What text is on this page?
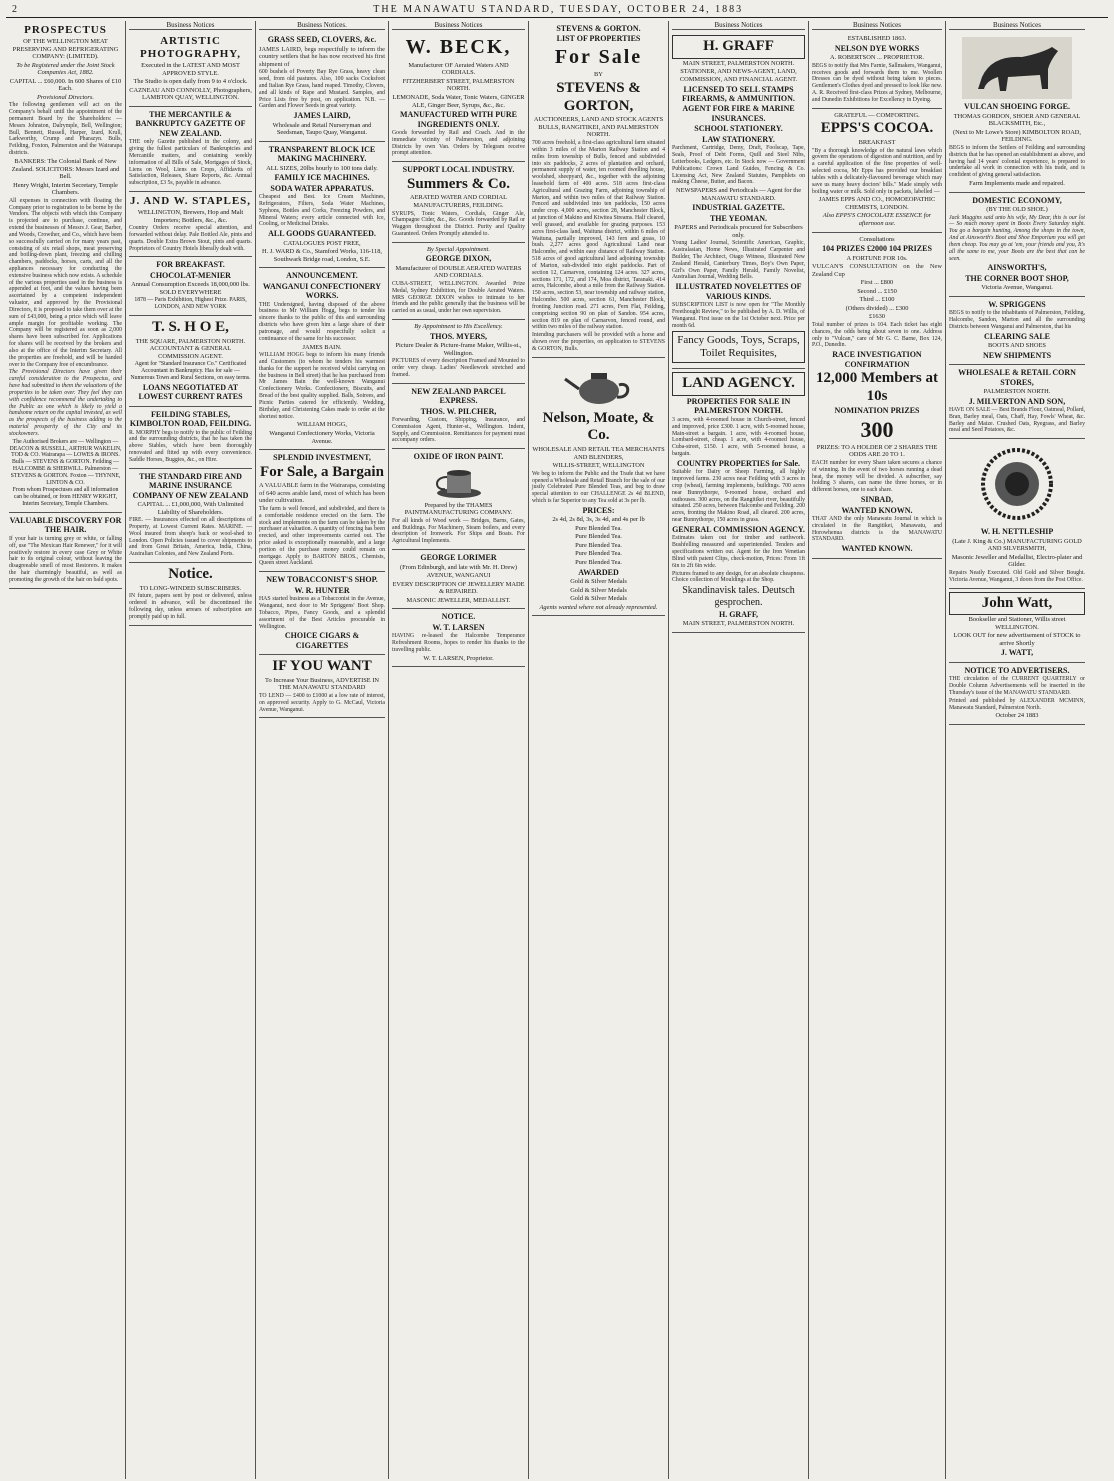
2	THE MANAWATU STANDARD, TUESDAY, OCTOBER 24, 1883

PROSPECTUS

OF THE WELLINGTON MEAT PRESERVING AND REFRIGERATING COMPANY: (LIMITED).

To be Registered under the Joint Stock Companies Act, 1882.

CAPITAL ... £60,000. In 600 Shares of £10 Each.

Provisional Directors.

The following gentlemen will act on the Company's behalf until the appointment of the permanent Board by the Shareholders: — Messrs Johnston, Dalrymple, Bell, Wellington; Bull, Bennett, Russell, Harper, Izard, Krull, Larkworthy, Crump and Pharazyn. Bulls, Feilding, Foxton, Palmerston and the Wairarapa districts.

BANKERS: The Colonial Bank of New Zealand. SOLICITORS: Messrs Izard and Bell.

Henry Wright, Interim Secretary, Temple Chambers.

All expenses in connection with floating the Company prior to registration to be borne by the Vendors. The objects with which this Company is projected are to purchase, continue, and extend the businesses of Messrs J. Gear, Barber, and Woods, Crowther, and Co., which have been so successfully carried on for many years past, consisting of six retail shops, meat preserving and boiling-down plant, freezing and chilling chambers, paddocks, horses, carts, and all the appliances necessary for conducting the extensive business which now exists. A schedule of the various properties used in the business is appended at foot, and the values having been ascertained by a competent independent valuator, and approved by the Provisional Directors, it is proposed to take them over at the sum of £43,000, being a price which will leave ample margin for profitable working. The Company will be registered as soon as 2,000 shares have been subscribed for. Applications for shares will be received by the brokers and also at the office of the Interim Secretary. All the properties are freehold, and will be handed over to the Company free of encumbrance.

The Provisional Directors have given their careful consideration to the Prospectus, and have had submitted to them the valuations of the properties to be taken over. They feel they can with confidence recommend the undertaking to the Public as one which is likely to yield a handsome return on the capital invested, as well as the prospects of the business adding to the material prosperity of the City and its stockowners.

The Authorised Brokers are — Wellington — DEACON & RUSSELL, ARTHUR WAKELIN, TOD & CO. Wairarapa — LOWES & IRONS. Bulls — STEVENS & GORTON. Feilding — HALCOMBE & SHERWILL. Palmerston — STEVENS & GORTON. Foxton — THYNNE, LINTON & CO.

From whom Prospectuses and all information can be obtained, or from HENRY WRIGHT, Interim Secretary, Temple Chambers.

VALUABLE DISCOVERY FOR THE HAIR.

If your hair is turning grey or white, or falling off, use "The Mexican Hair Renewer," for it will positively restore in every case Grey or White hair to its original colour, without leaving the disagreeable smell of most Restorers. It makes the hair charmingly beautiful, as well as promoting the growth of the hair on bald spots.

Business Notices
ARTISTIC PHOTOGRAPHY,

Executed in the LATEST AND MOST APPROVED STYLE.

The Studio is open daily from 9 to 4 o'clock.

CAZNEAU AND CONNOLLY, Photographers, LAMBTON QUAY, WELLINGTON.

THE MERCANTILE & BANKRUPTCY GAZETTE OF NEW ZEALAND.

THE only Gazette published in the colony, and giving the fullest particulars of Bankruptcies and Mercantile matters, and containing weekly information of all Bills of Sale, Mortgages of Stock, Liens on Wool, Liens on Crops, Affidavits of Satisfaction, Releases, Share Reports, &c. Annual subscription, £3 5s, payable in advance.

J. AND W. STAPLES,

WELLINGTON, Brewers, Hop and Malt Importers; Bottlers, &c., &c.

Country Orders receive special attention, and forwarded without delay. Pale Bottled Ale, pints and quarts. Double Extra Brown Stout, pints and quarts. Proprietors of Country Hotels liberally dealt with.

FOR BREAKFAST.
CHOCOLAT-MENIER

Annual Consumption Exceeds 18,000,000 lbs. SOLD EVERYWHERE

1878 — Paris Exhibition, Highest Prize. PARIS, LONDON, AND NEW YORK

T. S. H O E,

THE SQUARE, PALMERSTON NORTH. ACCOUNTANT & GENERAL COMMISSION AGENT.

Agent for "Standard Insurance Co." Certificated Accountant in Bankruptcy. Has for sale — Numerous Town and Rural Sections, on easy terms.

LOANS NEGOTIATED AT LOWEST CURRENT RATES
FEILDING STABLES, KIMBOLTON ROAD, FEILDING.

R. MORPHY begs to notify to the public of Feilding and the surrounding districts, that he has taken the above Stables, which have been thoroughly renovated and fitted up with every convenience. Saddle Horses, Buggies, &c., on Hire.

THE STANDARD FIRE AND MARINE INSURANCE COMPANY OF NEW ZEALAND

CAPITAL ... £1,000,000, With Unlimited Liability of Shareholders.

FIRE. — Insurances effected on all descriptions of Property, at Lowest Current Rates. MARINE. — Wool insured from sheep's back or wool-shed to London. Open Policies issued to cover shipments to and from Great Britain, America, India, China, Australian Colonies, and New Zealand Ports.

Notice.

TO LONG-WINDED SUBSCRIBERS.

IN future, papers sent by post or delivered, unless ordered in advance, will be discontinued the following day, unless arrears of subscription are promptly paid up in full.

Business Notices.
GRASS SEED, CLOVERS, &c.

JAMES LAIRD, begs respectfully to inform the country settlers that he has now received his first shipment of

600 bushels of Poverty Bay Rye Grass, heavy clean seed, from old pastures. Also, 100 sacks Cocksfoot and Italian Rye Grass, hand reaped. Timothy, Clovers, and all kinds of Rape and Mustard. Samples, and Price Lists free by post, on application. N.B. — Garden and Flower Seeds in great variety.

JAMES LAIRD,

Wholesale and Retail Nurseryman and Seedsman, Taupo Quay, Wanganui.

TRANSPARENT BLOCK ICE MAKING MACHINERY.

ALL SIZES, 20lbs hourly to 100 tons daily.

FAMILY ICE MACHINES.
SODA WATER APPARATUS.

Cheapest and Best. Ice Cream Machines, Refrigerators, Filters, Soda Water Machines, Syphons, Bottles and Corks, Freezing Powders, and Mineral Waters; every article connected with Ice, Cooling, or Medicinal Drinks.

ALL GOODS GUARANTEED.

CATALOGUES POST FREE,

H. J. WARD & Co., Stamford Works, 116-118, Southwark Bridge road, London, S.E.

ANNOUNCEMENT.
WANGANUI CONFECTIONERY WORKS.

THE Undersigned, having disposed of the above business to Mr William Hogg, begs to tender his sincere thanks to the public of this and surrounding districts who have given him a large share of their patronage, and would respectfully solicit a continuance of the same for his successor.

JAMES BAIN.

WILLIAM HOGG begs to inform his many friends and Customers (to whom he tenders his warmest thanks for the support he received whilst carrying on the business in Bell street) that he has purchased from Mr James Bain the well-known Wanganui Confectionery Works. Confectionery, Biscuits, and Bread of the best quality supplied. Balls, Soirees, and Picnic Parties catered for efficiently. Wedding, Birthday, and Christening Cakes made to order at the shortest notice.

WILLIAM HOGG,

Wanganui Confectionery Works, Victoria Avenue.

SPLENDID INVESTMENT,
For Sale, a Bargain

A VALUABLE farm in the Wairarapa, consisting of 640 acres arable land, most of which has been under cultivation.

The farm is well fenced, and subdivided, and there is a comfortable residence erected on the farm. The stock and implements on the farm can be taken by the purchaser at valuation. A quantity of fencing has been erected, and other improvements carried out. The price asked is exceptionally reasonable, and a large portion of the purchase money could remain on mortgage. Apply to BARTON BROS., Chemists, Queen street Auckland.

NEW TOBACCONIST'S SHOP.
W. R. HUNTER

HAS started business as a Tobacconist in the Avenue, Wanganui, next door to Mr Spriggens' Boot Shop. Tobacco, Pipes, Fancy Goods, and a splendid assortment of the Best Articles procurable in Wellington.

CHOICE CIGARS & CIGARETTES
IF YOU WANT

To Increase Your Business, ADVERTISE IN THE MANAWATU STANDARD

TO LEND — £400 to £1000 at a low rate of interest, on approved security. Apply to G. McCaul, Victoria Avenue, Wanganui.

Business Notices
W. BECK,

Manufacturer OF Aerated Waters AND CORDIALS.

FITZHERBERT STREET, PALMERSTON NORTH.

LEMONADE, Soda Water, Tonic Waters, GINGER ALE, Ginger Beer, Syrups, &c., &c.

MANUFACTURED WITH PURE INGREDIENTS ONLY.

Goods forwarded by Rail and Coach. And in the immediate vicinity of Palmerston, and adjoining Districts by own Van. Orders by Telegram receive prompt attention.

SUPPORT LOCAL INDUSTRY.
Summers & Co.

AERATED WATER AND CORDIAL MANUFACTURERS, FEILDING.

SYRUPS, Tonic Waters, Cordials, Ginger Ale, Champagne Cider, &c., &c. Goods forwarded by Rail or Waggon throughout the District. Purity and Quality Guaranteed. Orders Promptly attended to.

By Special Appointment.

GEORGE DIXON,

Manufacturer of DOUBLE AERATED WATERS AND CORDIALS.

CUBA-STREET, WELLINGTON. Awarded Prize Medal, Sydney Exhibition, for Double Aerated Waters. MRS GEORGE DIXON wishes to intimate to her friends and the public generally that the business will be carried on as usual, under her own supervision.

By Appointment to His Excellency.

THOS. MYERS,

Picture Dealer & Picture-frame Maker, Willis-st., Wellington.

PICTURES of every description Framed and Mounted to order very cheap. Ladies' Needlework stretched and framed.

NEW ZEALAND PARCEL EXPRESS.
THOS. W. PILCHER,

Forwarding, Custom, Shipping, Insurance, and Commission Agent, Hunter-st., Wellington. Indent, Supply, and Commission. Remittances for payment must accompany orders.

OXIDE OF IRON PAINT.

Prepared by the THAMES PAINTMANUFACTURING COMPANY.

For all kinds of Wood work — Bridges, Barns, Gates, and Buildings. For Machinery, Steam boilers, and every description of Ironwork. For Ships and Boats. For Agricultural Implements.

GEORGE LORIMER

(From Edinburgh, and late with Mr. H. Drew)

AVENUE, WANGANUI

EVERY DESCRIPTION OF JEWELLERY MADE & REPAIRED.

MASONIC JEWELLER, MEDALLIST.

NOTICE.
W. T. LARSEN

HAVING re-leased the Halcombe Temperance Refreshment Rooms, hopes to render his thanks to the travelling public.

W. T. LARSEN, Proprietor.

STEVENS & GORTON.
LIST OF PROPERTIES
For Sale

BY

STEVENS & GORTON,

AUCTIONEERS, LAND AND STOCK AGENTS BULLS, RANGITIKEI, AND PALMERSTON NORTH.

700 acres freehold, a first-class agricultural farm situated within 3 miles of the Marton Railway Station and 4 miles from township of Bulls, fenced and subdivided into six paddocks, 2 acres of plantation and orchard, permanent supply of water, ten roomed dwelling house, woolshed, sheepyard, &c., together with the adjoining leasehold farm of 400 acres. 518 acres first-class Agricultural and Grazing Farm, adjoining township of Marton, and within two miles of that Railway Station. Fenced and subdivided into ten paddocks, 150 acres under crop. 4,000 acres, section 28, Manchester Block, at junction of Makino and Kiwitea Streams. Half cleared, well grassed, and available for grazing purposes. 153 acres first-class land, Waituna district, within 6 miles of Waituna, partially improved, 143 fern and grass, 10 bush. 2,277 acres good Agricultural Land near Halcombe, and within easy distance of Railway Station. 518 acres of good agricultural land adjoining township of Marton, sub-divided into eight paddocks. Part of section 12, Carnarvon, containing 124 acres. 327 acres, sections 171, 172, and 174, Moa district, Taranaki. 414 acres, Halcombe, about a mile from the Railway Station. 150 acres, section 53, near township and railway station, Halcombe. 500 acres, section 61, Manchester Block, fronting Junction road. 271 acres, Fern Flat, Feilding, comprising section 90 on plan of Sandon. 954 acres, section 819 on plan of Carnarvon, fenced round, and within two miles of the railway station.

Intending purchasers will be provided with a horse and shown over the properties, on application to STEVENS & GORTON, Bulls.

Nelson, Moate, & Co.

WHOLESALE AND RETAIL TEA MERCHANTS AND BLENDERS,

WILLIS-STREET, WELLINGTON

We beg to inform the Public and the Trade that we have opened a Wholesale and Retail Branch for the sale of our justly Celebrated Pure Blended Teas, and beg to draw special attention to our CHALLENGE 2s 4d BLEND, which is far Superior to any Tea sold at 3s per lb.

PRICES:

2s 4d, 2s 8d, 3s, 3s 4d, and 4s per lb

Pure Blended Tea.

Pure Blended Tea.

Pure Blended Tea.

Pure Blended Tea.

Pure Blended Tea.

AWARDED

Gold & Silver Medals

Gold & Silver Medals

Gold & Silver Medals

Agents wanted where not already represented.

Business Notices
H. GRAFF

MAIN STREET, PALMERSTON NORTH.

STATIONER, AND NEWS-AGENT, LAND, COMMISSION, AND FINANCIAL AGENT.

LICENSED TO SELL STAMPS FIREARMS, & AMMUNITION.
AGENT FOR FIRE & MARINE INSURANCES.
SCHOOL STATIONERY.
LAW STATIONERY.

Parchment, Cartridge, Demy, Draft, Foolscap, Tape, Seals, Proof of Debt Forms, Quill and Steel Nibs, Letterbooks, Ledgers, etc. In Stock now — Government Publications: Crown Land Guides, Fencing & Co. Licensing Act, New Zealand Statutes, Pamphlets on making Cheese, Butter, and Bacon.

NEWSPAPERS and Periodicals — Agent for the MANAWATU STANDARD.

INDUSTRIAL GAZETTE.
THE YEOMAN.

PAPERS and Periodicals procured for Subscribers only.

Young Ladies' Journal, Scientific American, Graphic, Australasian, Home News, Illustrated Carpenter and Builder, The Architect, Otago Witness, Illustrated New Zealand Herald, Canterbury Times, Boy's Own Paper, Girl's Own Paper, Family Herald, Family Novelist, Australian Journal, Wedding Bells.

ILLUSTRATED NOVELETTES OF VARIOUS KINDS.

SUBSCRIPTION LIST is now open for "The Monthly Freethought Review," to be published by A. D. Willis, of Wanganui. First issue on the 1st October next. Price per month 6d.

Fancy Goods, Toys, Scraps, Toilet Requisites,
LAND AGENCY.
PROPERTIES FOR SALE IN PALMERSTON NORTH.

3 acres, with 4-roomed house in Church-street, fenced and improved, price £300. 1 acre, with 5-roomed house, Main-street a bargain. 1 acre, with 4-roomed house, Lombard-street, cheap. 1 acre, with 4-roomed house, Cuba-street, £150. 1 acre, with 5-roomed house, a bargain.

COUNTRY PROPERTIES for Sale.

Suitable for Dairy or Sheep Farming, all highly improved farms. 230 acres near Feilding with 3 acres in crop (wheat), farming implements, buildings. 700 acres near Bunnythorpe, 9-roomed house, orchard and outhouses. 300 acres, on the Rangitikei river, beautifully situated. 250 acres, between Halcombe and Feilding. 200 acres, fronting the Makino Road, all cleared. 200 acres, near Bunnythorpe, 150 acres in grass.

GENERAL COMMISSION AGENCY.

Estimates taken out for timber and earthwork. Bushfelling measured and superintended. Tenders and specifications written out. Agent for the Iron Venetian Blind with patent Clips, check-motion, Prices: From 1ft 6in to 2ft 6in wide.

Pictures framed to any design, for an absolute cheapness. Choice collection of Mouldings at the Shop.

Skandinavisk tales. Deutsch gesprochen.

H. GRAFF,

MAIN STREET, PALMERSTON NORTH.

Business Notices

ESTABLISHED 1863.

NELSON DYE WORKS

A. ROBERTSON ... PROPRIETOR.

BEGS to notify that Mrs Farnie, Sallmakers, Wanganui, receives goods and forwards them to me. Woollen Dresses can be dyed without being taken to pieces. Gentlemen's Clothes dyed and pressed to look like new. A. R. Received first-class Prizes at Sydney, Melbourne, and Dunedin Exhibitions for Excellency in Dyeing.

GRATEFUL — COMFORTING.

EPPS'S COCOA.

BREAKFAST

"By a thorough knowledge of the natural laws which govern the operations of digestion and nutrition, and by a careful application of the fine properties of well-selected cocoa, Mr Epps has provided our breakfast tables with a delicately-flavoured beverage which may save us many heavy doctors' bills." Made simply with boiling water or milk. Sold only in packets, labelled —

JAMES EPPS AND CO., HOMOEOPATHIC CHEMISTS, LONDON.

Also EPPS'S CHOCOLATE ESSENCE for afternoon use.

Consultations

104 PRIZES £2000 104 PRIZES

A FORTUNE FOR 10s.

VULCAN'S CONSULTATION on the New Zealand Cup

First ... £800

Second ... £150

Third ... £100

(Others divided) ... £300

£1630

Total number of prizes is 104. Each ticket has eight chances, the odds being about seven to one. Address only to "Vulcan," care of Mr G. C. Barne, Box 124, P.O., Dunedin.

RACE INVESTIGATION CONFIRMATION
12,000 Members at 10s
NOMINATION PRIZES
300

PRIZES: TO A HOLDER OF 2 SHARES THE ODDS ARE 20 TO 1.

EACH number for every Share taken secures a chance of winning. In the event of two horses running a dead heat, the money will be divided. A subscriber, say holding 3 shares, can name the three horses, or in different horses, one to each share.

SINBAD,
WANTED KNOWN.

THAT AND the only Manawatu Journal in which is circulated in the Rangitikei, Manawatu, and Horowhenua districts is the MANAWATU STANDARD.

WANTED KNOWN.
Business Notices
VULCAN SHOEING FORGE.

THOMAS GORDON, SHOER AND GENERAL BLACKSMITH, Etc.,

(Next to Mr Lowe's Store) KIMBOLTON ROAD, FEILDING.

BEGS to inform the Settlers of Feilding and surrounding districts that he has opened an establishment as above, and having had 14 years' colonial experience, is prepared to undertake all work in connection with his trade, and is confident of giving general satisfaction.

Farm Implements made and repaired.

DOMESTIC ECONOMY,

(BY THE OLD SHOE.)

Jack Muggins said unto his wife, My Dear, this is our lot — So much money spent in Boots Every Saturday night. You go a bargain hunting, Among the shops in the town, And at Ainsworth's Boot and Shoe Emporium you will get them cheap. You may go at 'em, your friends and you, It's all the same to me, your Boots are the best that can be seen.

AINSWORTH'S,
THE CORNER BOOT SHOP,

Victoria Avenue, Wanganui.

W. SPRIGGENS

BEGS to notify to the inhabitants of Palmerston, Feilding, Halcombe, Sandon, Marton and all the surrounding Districts between Wanganui and Palmerston, that his

CLEARING SALE

BOOTS AND SHOES

NEW SHIPMENTS
WHOLESALE & RETAIL CORN STORES,

PALMERSTON NORTH.

J. MILVERTON AND SON,

HAVE ON SALE — Best Brands Flour, Oatmeal, Pollard, Bran, Barley meal, Oats, Chaff, Hay, Fowls' Wheat, &c. Barley and Maize. Crushed Oats, Ryegrass, and Barley meal and Seed Potatoes, &c.

W. H. NETTLESHIP

(Late J. King & Co.) MANUFACTURING GOLD AND SILVERSMITH,

Masonic Jeweller and Medallist, Electro-plater and Gilder.

Repairs Neatly Executed. Old Gold and Silver Bought. Victoria Avenue, Wanganui, 3 doors from the Post Office.

John Watt,

Bookseller and Stationer, Willis street WELLINGTON.

LOOK OUT for new advertisement of STOCK to arrive Shortly

J. WATT,
NOTICE TO ADVERTISERS.

THE circulation of the CURRENT QUARTERLY or Double Column Advertisements will be inserted in the Thursday's issue of the MANAWATU STANDARD.

Printed and published by ALEXANDER MCMINN, Manawatu Standard, Palmerston North.

October 24 1883
